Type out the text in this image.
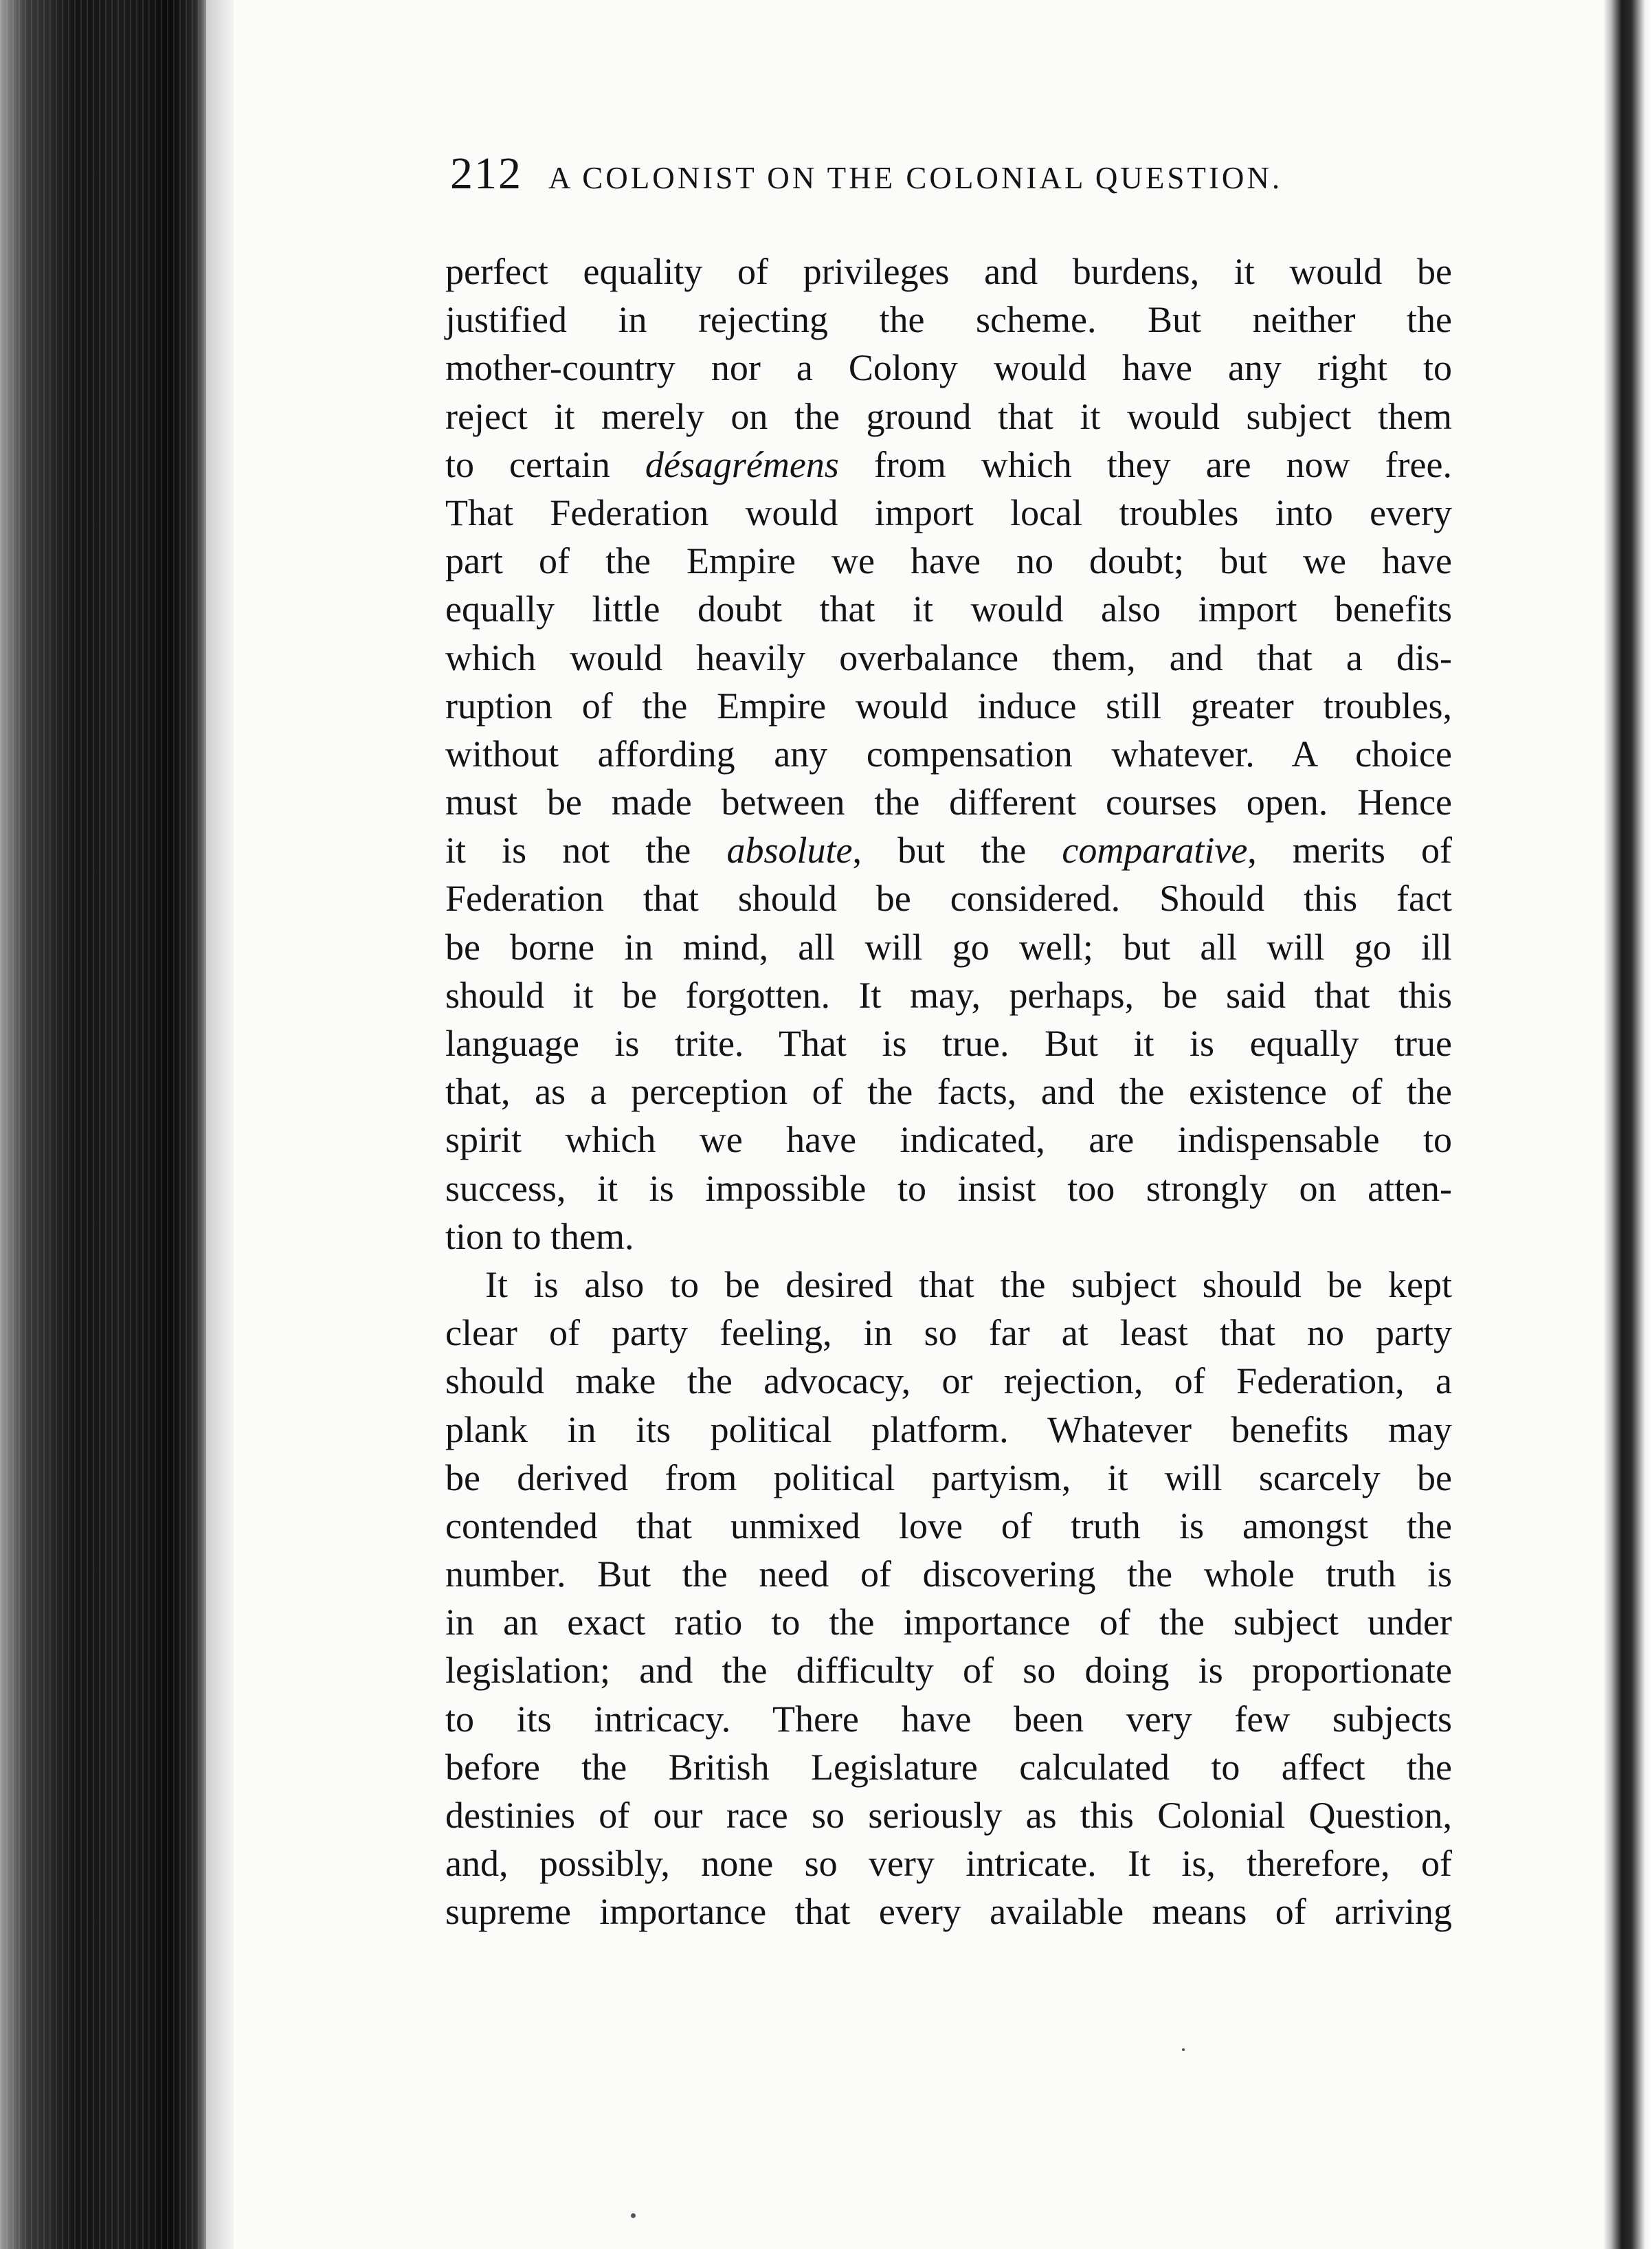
212 A COLONIST ON THE COLONIAL QUESTION.
perfect equality of privileges and burdens, it would be
justified in rejecting the scheme. But neither the
mother-country nor a Colony would have any right to
reject it merely on the ground that it would subject them
to certain désagrémens from which they are now free.
That Federation would import local troubles into every
part of the Empire we have no doubt; but we have
equally little doubt that it would also import benefits
which would heavily overbalance them, and that a dis-
ruption of the Empire would induce still greater troubles,
without affording any compensation whatever. A choice
must be made between the different courses open. Hence
it is not the absolute, but the comparative, merits of
Federation that should be considered. Should this fact
be borne in mind, all will go well; but all will go ill
should it be forgotten. It may, perhaps, be said that this
language is trite. That is true. But it is equally true
that, as a perception of the facts, and the existence of the
spirit which we have indicated, are indispensable to
success, it is impossible to insist too strongly on atten-
tion to them.
It is also to be desired that the subject should be kept
clear of party feeling, in so far at least that no party
should make the advocacy, or rejection, of Federation, a
plank in its political platform. Whatever benefits may
be derived from political partyism, it will scarcely be
contended that unmixed love of truth is amongst the
number. But the need of discovering the whole truth is
in an exact ratio to the importance of the subject under
legislation; and the difficulty of so doing is proportionate
to its intricacy. There have been very few subjects
before the British Legislature calculated to affect the
destinies of our race so seriously as this Colonial Question,
and, possibly, none so very intricate. It is, therefore, of
supreme importance that every available means of arriving
